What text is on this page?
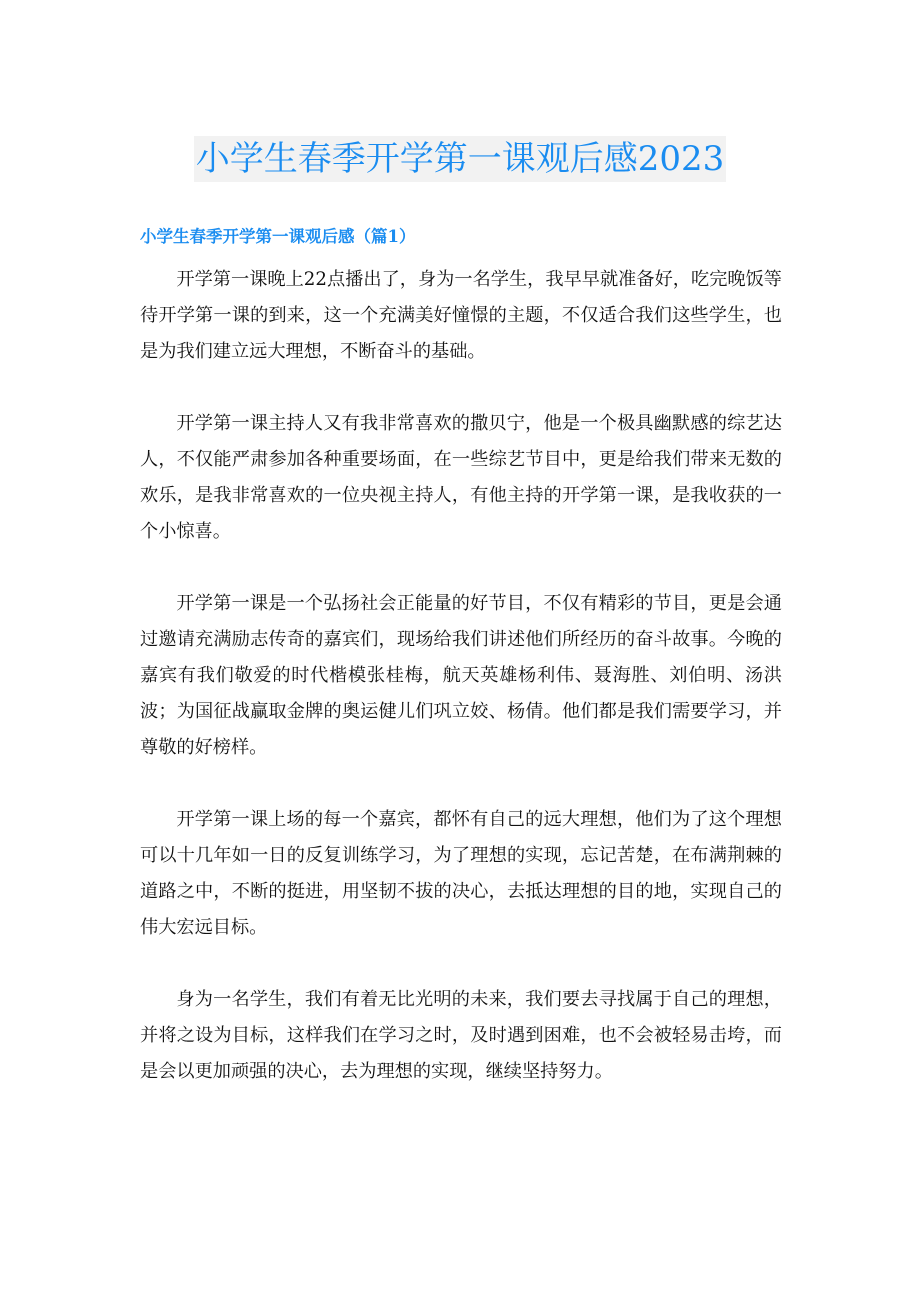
小学生春季开学第一课观后感2023
小学生春季开学第一课观后感（篇1）

开学第一课晚上22点播出了，身为一名学生，我早早就准备好，吃完晚饭等待开学第一课的到来，这一个充满美好憧憬的主题，不仅适合我们这些学生，也是为我们建立远大理想，不断奋斗的基础。

开学第一课主持人又有我非常喜欢的撒贝宁，他是一个极具幽默感的综艺达人，不仅能严肃参加各种重要场面，在一些综艺节目中，更是给我们带来无数的欢乐，是我非常喜欢的一位央视主持人，有他主持的开学第一课，是我收获的一个小惊喜。

开学第一课是一个弘扬社会正能量的好节目，不仅有精彩的节目，更是会通过邀请充满励志传奇的嘉宾们，现场给我们讲述他们所经历的奋斗故事。今晚的嘉宾有我们敬爱的时代楷模张桂梅，航天英雄杨利伟、聂海胜、刘伯明、汤洪波；为国征战赢取金牌的奥运健儿们巩立姣、杨倩。他们都是我们需要学习，并尊敬的好榜样。

开学第一课上场的每一个嘉宾，都怀有自己的远大理想，他们为了这个理想可以十几年如一日的反复训练学习，为了理想的实现，忘记苦楚，在布满荆棘的道路之中，不断的挺进，用坚韧不拔的决心，去抵达理想的目的地，实现自己的伟大宏远目标。

身为一名学生，我们有着无比光明的未来，我们要去寻找属于自己的理想，并将之设为目标，这样我们在学习之时，及时遇到困难，也不会被轻易击垮，而是会以更加顽强的决心，去为理想的实现，继续坚持努力。
